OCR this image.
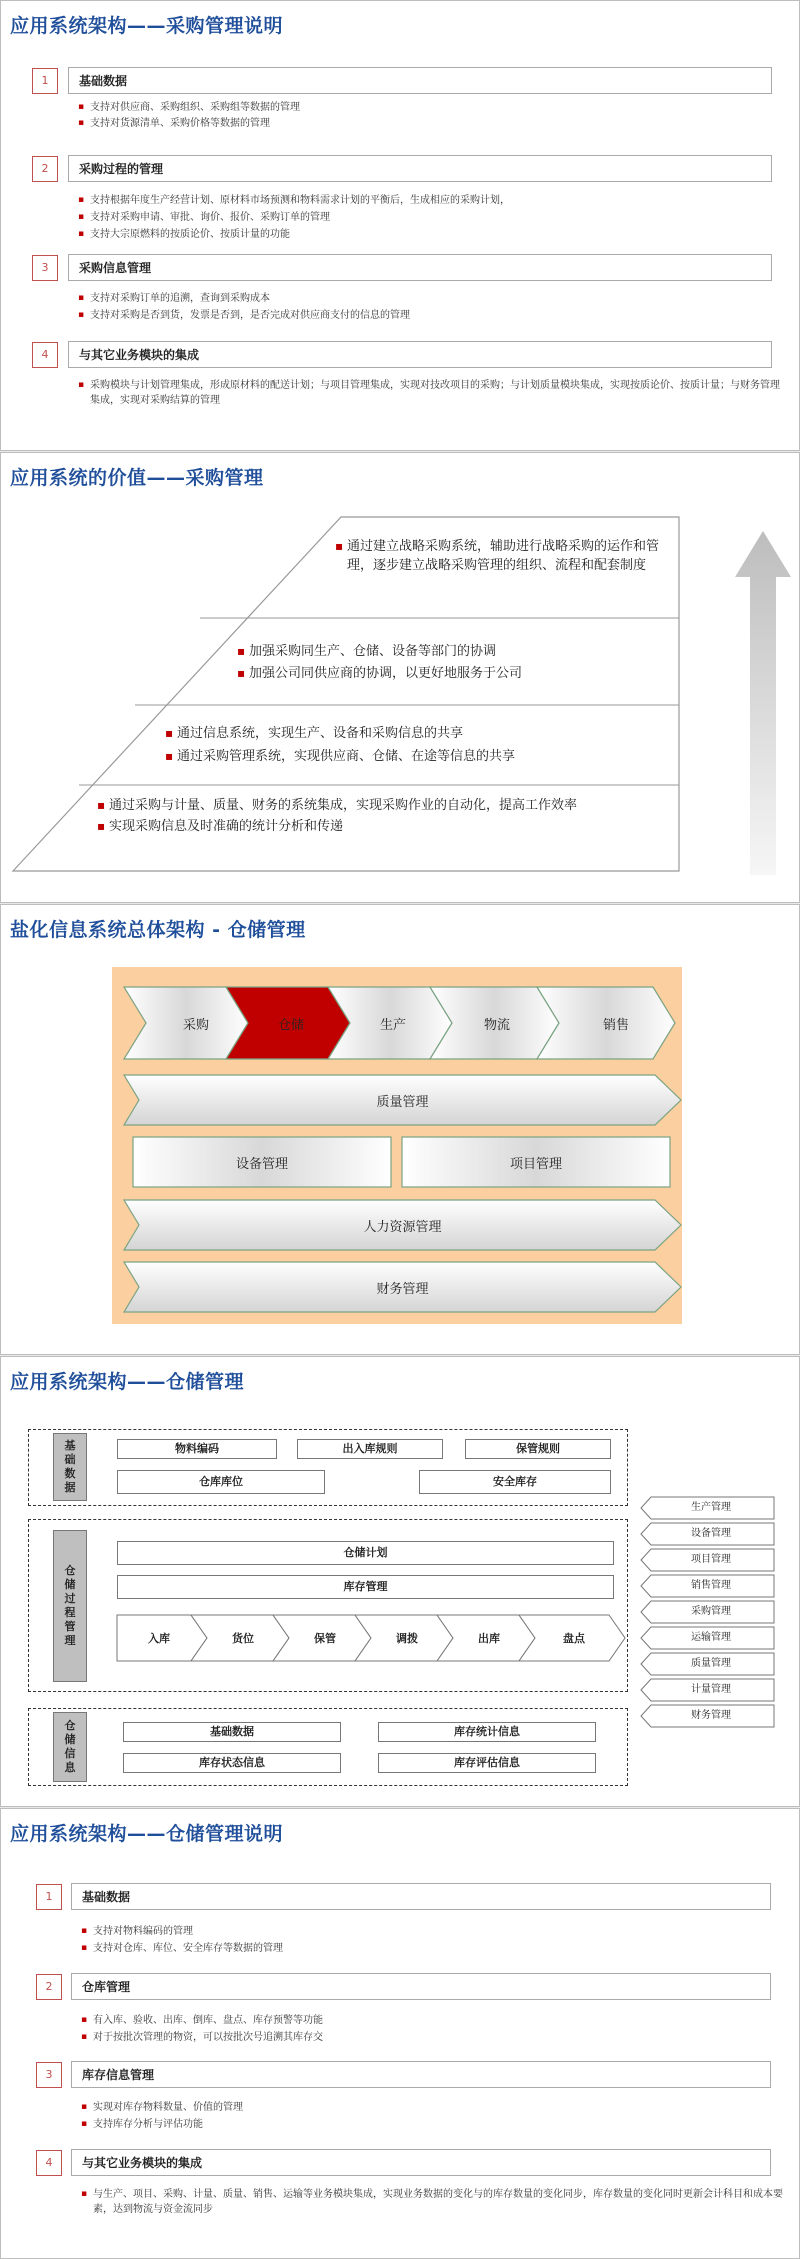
应用系统架构——采购管理说明
1	基础数据
▪ 支持对供应商、采购组织、采购组等数据的管理
▪ 支持对货源清单、采购价格等数据的管理
2	采购过程的管理
▪ 支持根据年度生产经营计划、原材料市场预测和物料需求计划的平衡后，生成相应的采购计划，
▪ 支持对采购申请、审批、询价、报价、采购订单的管理
▪ 支持大宗原燃料的按质论价、按质计量的功能
3	采购信息管理
▪ 支持对采购订单的追溯，查询到采购成本
▪ 支持对采购是否到货，发票是否到，是否完成对供应商支付的信息的管理
4	与其它业务模块的集成
▪ 采购模块与计划管理集成，形成原材料的配送计划；与项目管理集成，实现对技改项目的采购；与计划质量模块集成，实现按质论价、按质计量；与财务管理集成，实现对采购结算的管理
应用系统的价值——采购管理
▪ 通过建立战略采购系统，辅助进行战略采购的运作和管理，逐步建立战略采购管理的组织、流程和配套制度
▪ 加强采购同生产、仓储、设备等部门的协调
▪ 加强公司同供应商的协调，以更好地服务于公司
▪ 通过信息系统，实现生产、设备和采购信息的共享
▪ 通过采购管理系统，实现供应商、仓储、在途等信息的共享
▪ 通过采购与计量、质量、财务的系统集成，实现采购作业的自动化，提高工作效率
▪ 实现采购信息及时准确的统计分析和传递
盐化信息系统总体架构 - 仓储管理
采购	仓储	生产	物流	销售
质量管理
设备管理	项目管理
人力资源管理
财务管理
应用系统架构——仓储管理
基础数据
物料编码	出入库规则	保管规则
仓库库位	安全库存
仓储过程管理
仓储计划
库存管理
入库	货位	保管	调拨	出库	盘点
仓储信息
基础数据	库存统计信息
库存状态信息	库存评估信息
生产管理
设备管理
项目管理
销售管理
采购管理
运输管理
质量管理
计量管理
财务管理
应用系统架构——仓储管理说明
1	基础数据
▪ 支持对物料编码的管理
▪ 支持对仓库、库位、安全库存等数据的管理
2	仓库管理
▪ 有入库、验收、出库、倒库、盘点、库存预警等功能
▪ 对于按批次管理的物资，可以按批次号追溯其库存交
3	库存信息管理
▪ 实现对库存物料数量、价值的管理
▪ 支持库存分析与评估功能
4	与其它业务模块的集成
▪ 与生产、项目、采购、计量、质量、销售、运输等业务模块集成，实现业务数据的变化与的库存数量的变化同步，库存数量的变化同时更新会计科目和成本要素，达到物流与资金流同步
